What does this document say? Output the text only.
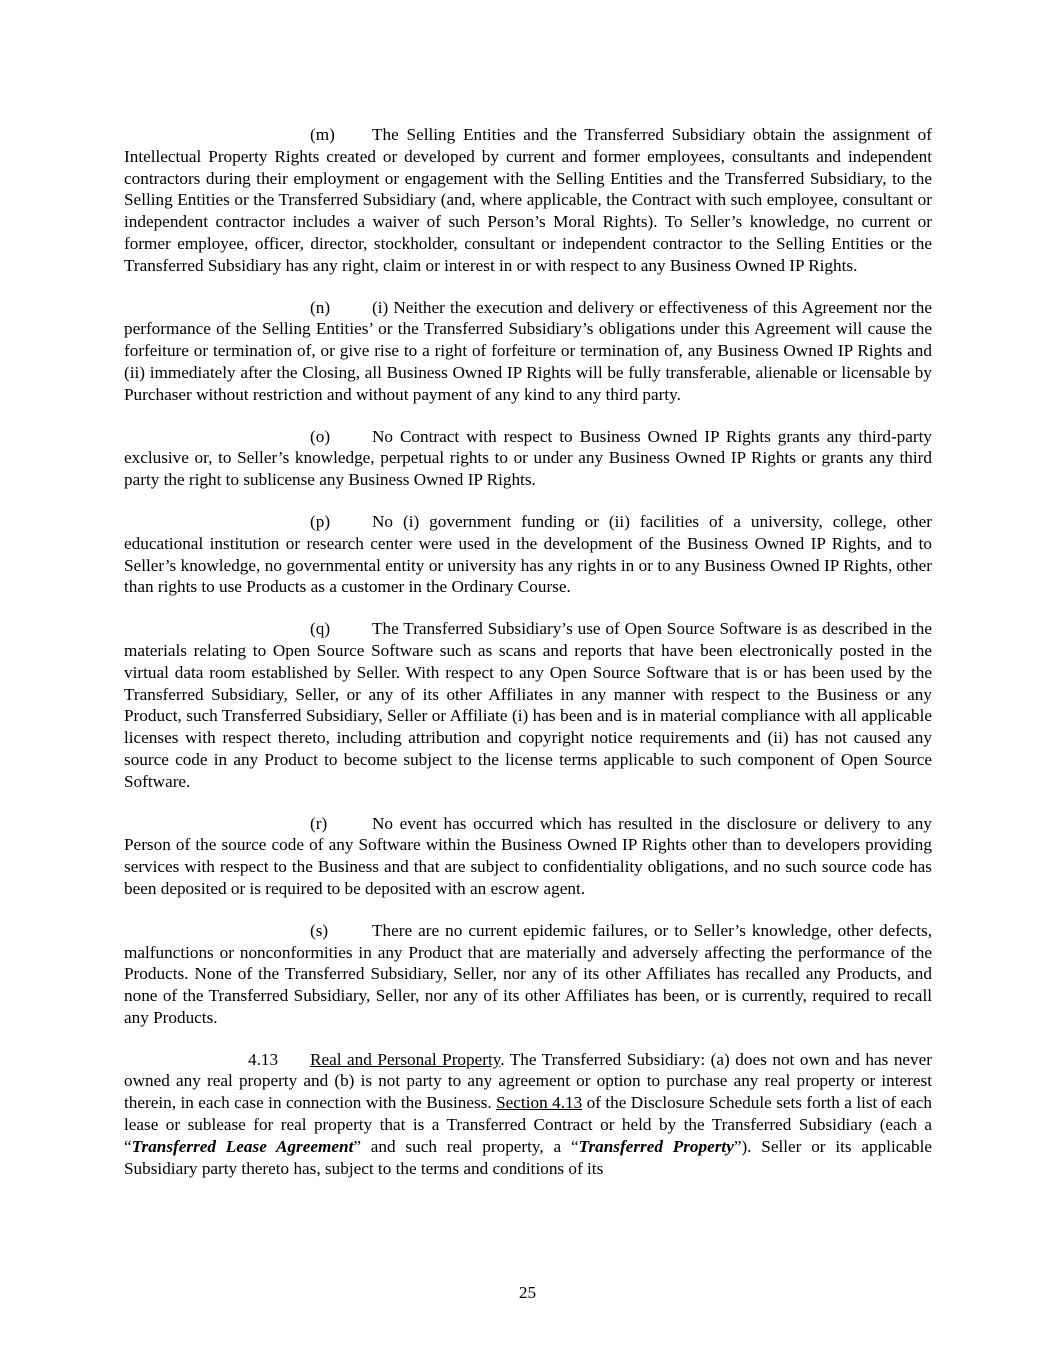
(m) The Selling Entities and the Transferred Subsidiary obtain the assignment of Intellectual Property Rights created or developed by current and former employees, consultants and independent contractors during their employment or engagement with the Selling Entities and the Transferred Subsidiary, to the Selling Entities or the Transferred Subsidiary (and, where applicable, the Contract with such employee, consultant or independent contractor includes a waiver of such Person’s Moral Rights). To Seller’s knowledge, no current or former employee, officer, director, stockholder, consultant or independent contractor to the Selling Entities or the Transferred Subsidiary has any right, claim or interest in or with respect to any Business Owned IP Rights.

(n) (i) Neither the execution and delivery or effectiveness of this Agreement nor the performance of the Selling Entities’ or the Transferred Subsidiary’s obligations under this Agreement will cause the forfeiture or termination of, or give rise to a right of forfeiture or termination of, any Business Owned IP Rights and (ii) immediately after the Closing, all Business Owned IP Rights will be fully transferable, alienable or licensable by Purchaser without restriction and without payment of any kind to any third party.

(o) No Contract with respect to Business Owned IP Rights grants any third-party exclusive or, to Seller’s knowledge, perpetual rights to or under any Business Owned IP Rights or grants any third party the right to sublicense any Business Owned IP Rights.

(p) No (i) government funding or (ii) facilities of a university, college, other educational institution or research center were used in the development of the Business Owned IP Rights, and to Seller’s knowledge, no governmental entity or university has any rights in or to any Business Owned IP Rights, other than rights to use Products as a customer in the Ordinary Course.

(q) The Transferred Subsidiary’s use of Open Source Software is as described in the materials relating to Open Source Software such as scans and reports that have been electronically posted in the virtual data room established by Seller. With respect to any Open Source Software that is or has been used by the Transferred Subsidiary, Seller, or any of its other Affiliates in any manner with respect to the Business or any Product, such Transferred Subsidiary, Seller or Affiliate (i) has been and is in material compliance with all applicable licenses with respect thereto, including attribution and copyright notice requirements and (ii) has not caused any source code in any Product to become subject to the license terms applicable to such component of Open Source Software.

(r)	No event has occurred which has resulted in the disclosure or delivery to any Person of the source code of any Software within the Business Owned IP Rights other than to developers providing services with respect to the Business and that are subject to confidentiality obligations, and no such source code has been deposited or is required to be deposited with an escrow agent.

(s)	There are no current epidemic failures, or to Seller’s knowledge, other defects, malfunctions or nonconformities in any Product that are materially and adversely affecting the performance of the Products. None of the Transferred Subsidiary, Seller, nor any of its other Affiliates has recalled any Products, and none of the Transferred Subsidiary, Seller, nor any of its other Affiliates has been, or is currently, required to recall any Products.

4.13 Real and Personal Property. The Transferred Subsidiary: (a) does not own and has never owned any real property and (b) is not party to any agreement or option to purchase any real property or interest therein, in each case in connection with the Business. Section 4.13 of the Disclosure Schedule sets forth a list of each lease or sublease for real property that is a Transferred Contract or held by the Transferred Subsidiary (each a “Transferred Lease Agreement” and such real property, a “Transferred Property”). Seller or its applicable Subsidiary party thereto has, subject to the terms and conditions of its

25
